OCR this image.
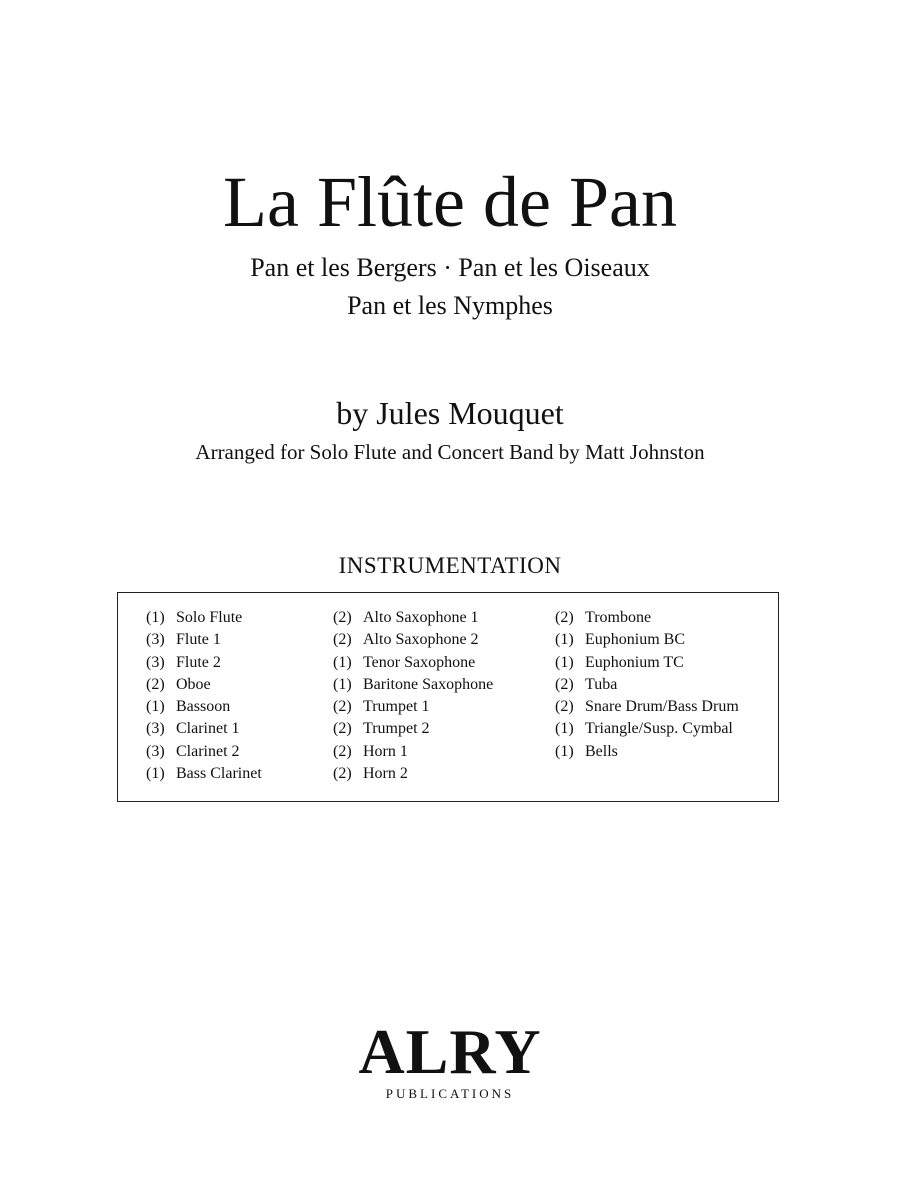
La Flûte de Pan
Pan et les Bergers · Pan et les Oiseaux
Pan et les Nymphes
by Jules Mouquet
Arranged for Solo Flute and Concert Band by Matt Johnston
INSTRUMENTATION
(1) Solo Flute
(3) Flute 1
(3) Flute 2
(2) Oboe
(1) Bassoon
(3) Clarinet 1
(3) Clarinet 2
(1) Bass Clarinet
(2) Alto Saxophone 1
(2) Alto Saxophone 2
(1) Tenor Saxophone
(1) Baritone Saxophone
(2) Trumpet 1
(2) Trumpet 2
(2) Horn 1
(2) Horn 2
(2) Trombone
(1) Euphonium BC
(1) Euphonium TC
(2) Tuba
(2) Snare Drum/Bass Drum
(1) Triangle/Susp. Cymbal
(1) Bells
ALRY
PUBLICATIONS
